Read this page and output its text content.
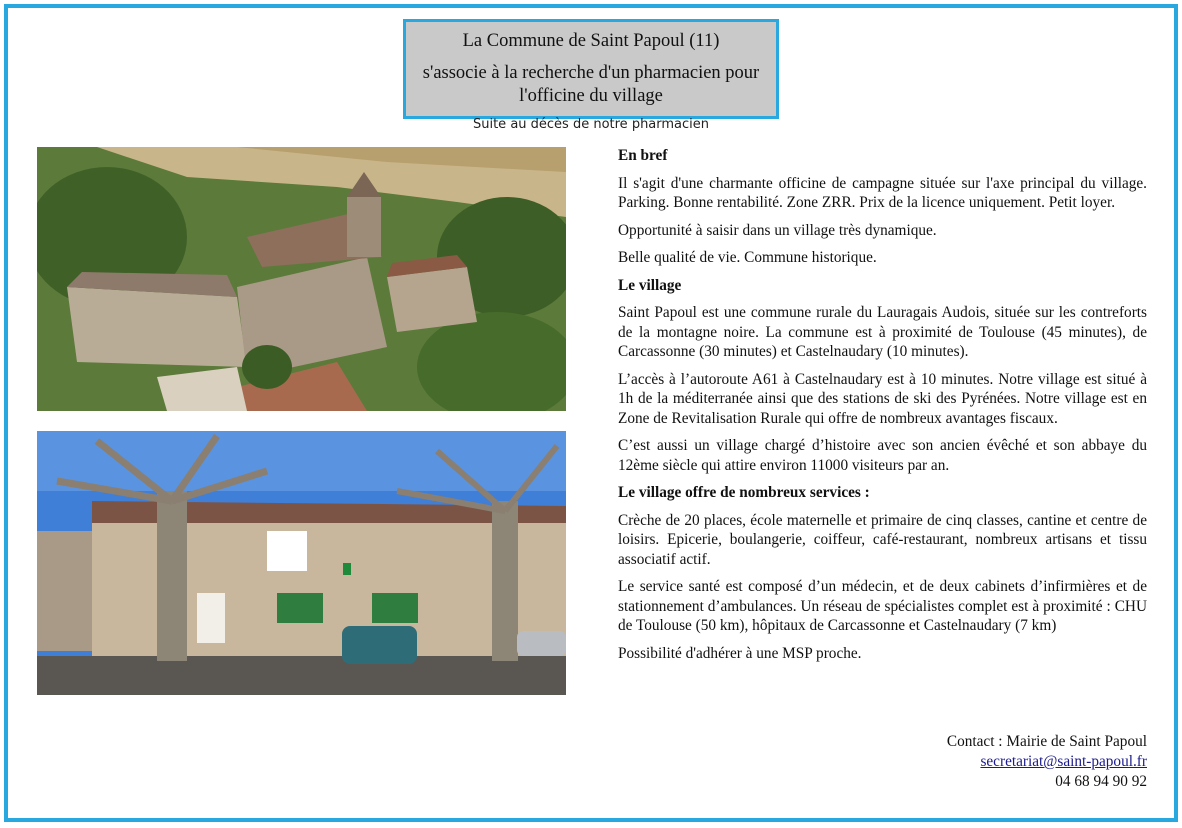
La Commune de Saint Papoul (11)
s'associe à la recherche d'un pharmacien pour
l'officine du village
Suite au décès de notre pharmacien
En bref

Il s'agit d'une charmante officine de campagne située sur l'axe principal du village. Parking. Bonne rentabilité. Zone ZRR. Prix de la licence uniquement. Petit loyer.

Opportunité à saisir dans un village très dynamique.

Belle qualité de vie. Commune historique.

Le village

Saint Papoul est une commune rurale du Lauragais Audois, située sur les contreforts de la montagne noire. La commune est à proximité de Toulouse (45 minutes), de Carcassonne (30 minutes) et Castelnaudary (10 minutes).

L’accès à l’autoroute A61 à Castelnaudary est à 10 minutes. Notre village est situé à 1h de la méditerranée ainsi que des stations de ski des Pyrénées. Notre village est en Zone de Revitalisation Rurale qui offre de nombreux avantages fiscaux.

C’est aussi un village chargé d’histoire avec son ancien évêché et son abbaye du 12ème siècle qui attire environ 11000 visiteurs par an.

Le village offre de nombreux services :

Crèche de 20 places, école maternelle et primaire de cinq classes, cantine et centre de loisirs. Epicerie, boulangerie, coiffeur, café-restaurant, nombreux artisans et tissu associatif actif.

Le service santé est composé d’un médecin, et de deux cabinets d’infirmières et de stationnement d’ambulances. Un réseau de spécialistes complet est à proximité : CHU de Toulouse (50 km), hôpitaux de Carcassonne et Castelnaudary (7 km)

Possibilité d'adhérer à une MSP proche.

Contact : Mairie de Saint Papoul
secretariat@saint-papoul.fr
04 68 94 90 92
